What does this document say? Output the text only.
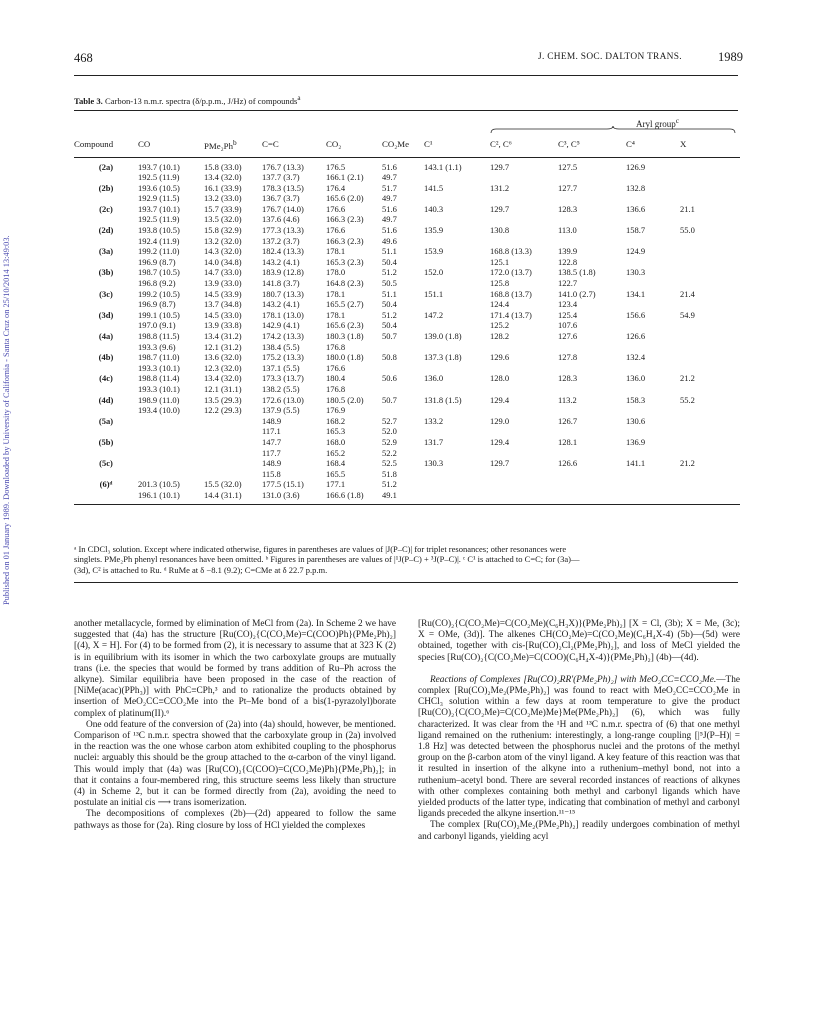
Published on 01 January 1989. Downloaded by University of California - Santa Cruz on 25/10/2014 13:49:03.
468	J. CHEM. SOC. DALTON TRANS.	1989
Table 3. Carbon-13 n.m.r. spectra (δ/p.p.m., J/Hz) of compounds$^a$
Aryl group$^c$
Compound	CO	PMe₂Ph$^b$	C=C	CO₂	CO₂Me	C¹	C², C⁶	C³, C⁵	C⁴	X
(2a)	193.7 (10.1)	15.8 (33.0)	176.7 (13.3)	176.5	51.6	143.1 (1.1)	129.7	127.5	126.9	
	192.5 (11.9)	13.4 (32.0)	137.7 (3.7)	166.1 (2.1)	49.7					
(2b)	193.6 (10.5)	16.1 (33.9)	178.3 (13.5)	176.4	51.7	141.5	131.2	127.7	132.8	
	192.9 (11.5)	13.2 (33.0)	136.7 (3.7)	165.6 (2.0)	49.7					
(2c)	193.7 (10.1)	15.7 (33.9)	176.7 (14.0)	176.6	51.6	140.3	129.7	128.3	136.6	21.1
	192.5 (11.9)	13.5 (32.0)	137.6 (4.6)	166.3 (2.3)	49.7					
(2d)	193.8 (10.5)	15.8 (32.9)	177.3 (13.3)	176.6	51.6	135.9	130.8	113.0	158.7	55.0
	192.4 (11.9)	13.2 (32.0)	137.2 (3.7)	166.3 (2.3)	49.6					
(3a)	199.2 (11.0)	14.3 (32.0)	182.4 (13.3)	178.1	51.1	153.9	168.8 (13.3)	139.9	124.9	
	196.9 (8.7)	14.0 (34.8)	143.2 (4.1)	165.3 (2.3)	50.4		125.1	122.8		
(3b)	198.7 (10.5)	14.7 (33.0)	183.9 (12.8)	178.0	51.2	152.0	172.0 (13.7)	138.5 (1.8)	130.3	
	196.8 (9.2)	13.9 (33.0)	141.8 (3.7)	164.8 (2.3)	50.5		125.8	122.7		
(3c)	199.2 (10.5)	14.5 (33.9)	180.7 (13.3)	178.1	51.1	151.1	168.8 (13.7)	141.0 (2.7)	134.1	21.4
	196.9 (8.7)	13.7 (34.8)	143.2 (4.1)	165.5 (2.7)	50.4		124.4	123.4		
(3d)	199.1 (10.5)	14.5 (33.0)	178.1 (13.0)	178.1	51.2	147.2	171.4 (13.7)	125.4	156.6	54.9
	197.0 (9.1)	13.9 (33.8)	142.9 (4.1)	165.6 (2.3)	50.4		125.2	107.6		
(4a)	198.8 (11.5)	13.4 (31.2)	174.2 (13.3)	180.3 (1.8)	50.7	139.0 (1.8)	128.2	127.6	126.6	
	193.3 (9.6)	12.1 (31.2)	138.4 (5.5)	176.8						
(4b)	198.7 (11.0)	13.6 (32.0)	175.2 (13.3)	180.0 (1.8)	50.8	137.3 (1.8)	129.6	127.8	132.4	
	193.3 (10.1)	12.3 (32.0)	137.1 (5.5)	176.6						
(4c)	198.8 (11.4)	13.4 (32.0)	173.3 (13.7)	180.4	50.6	136.0	128.0	128.3	136.0	21.2
	193.3 (10.1)	12.1 (31.1)	138.2 (5.5)	176.8						
(4d)	198.9 (11.0)	13.5 (29.3)	172.6 (13.0)	180.5 (2.0)	50.7	131.8 (1.5)	129.4	113.2	158.3	55.2
	193.4 (10.0)	12.2 (29.3)	137.9 (5.5)	176.9						
(5a)			148.9	168.2	52.7	133.2	129.0	126.7	130.6	
			117.1	165.3	52.0					
(5b)			147.7	168.0	52.9	131.7	129.4	128.1	136.9	
			117.7	165.2	52.2					
(5c)			148.9	168.4	52.5	130.3	129.7	126.6	141.1	21.2
			115.8	165.5	51.8					
(6)ᵈ	201.3 (10.5)	15.5 (32.0)	177.5 (15.1)	177.1	51.2					
	196.1 (10.1)	14.4 (31.1)	131.0 (3.6)	166.6 (1.8)	49.1					
ᵃ In CDCl₃ solution. Except where indicated otherwise, figures in parentheses are values of |J(P–C)| for triplet resonances; other resonances were
singlets. PMe₂Ph phenyl resonances have been omitted. ᵇ Figures in parentheses are values of |¹J(P–C) + ³J(P–C)|. ᶜ C¹ is attached to C=C; for (3a)—
(3d), C² is attached to Ru. ᵈ RuMe at δ −8.1 (9.2); C=CMe at δ 22.7 p.p.m.

another metallacycle, formed by elimination of MeCl from (2a). In Scheme 2 we have suggested that (4a) has the structure [Ru(CO)₂{C(CO₂Me)=C(COO)Ph}(PMe₂Ph)₂] [(4), X = H]. For (4) to be formed from (2), it is necessary to assume that at 323 K (2) is in equilibrium with its isomer in which the two carboxylate groups are mutually trans (i.e. the species that would be formed by trans addition of Ru–Ph across the alkyne). Similar equilibria have been proposed in the case of the reaction of [NiMe(acac)(PPh₃)] with PhC≡CPh,³ and to rationalize the products obtained by insertion of MeO₂CC≡CCO₂Me into the Pt–Me bond of a bis(1-pyrazolyl)borate complex of platinum(II).⁶

One odd feature of the conversion of (2a) into (4a) should, however, be mentioned. Comparison of ¹³C n.m.r. spectra showed that the carboxylate group in (2a) involved in the reaction was the one whose carbon atom exhibited coupling to the phosphorus nuclei: arguably this should be the group attached to the α-carbon of the vinyl ligand. This would imply that (4a) was [Ru(CO)₂{C(COO)=C(CO₂Me)Ph}(PMe₂Ph)₂]; in that it contains a four-membered ring, this structure seems less likely than structure (4) in Scheme 2, but it can be formed directly from (2a), avoiding the need to postulate an initial cis ⟶ trans isomerization.

The decompositions of complexes (2b)—(2d) appeared to follow the same pathways as those for (2a). Ring closure by loss of HCl yielded the complexes

[Ru(CO)₂{C(CO₂Me)=C(CO₂Me)(C₆H₃X)}(PMe₂Ph)₂] [X = Cl, (3b); X = Me, (3c); X = OMe, (3d)]. The alkenes CH(CO₂Me)=C(CO₂Me)(C₆H₄X-4) (5b)—(5d) were obtained, together with cis-[Ru(CO)₂Cl₂(PMe₂Ph)₂], and loss of MeCl yielded the species [Ru(CO)₂{C(CO₂Me)=C(COO)(C₆H₄X-4)}(PMe₂Ph)₂] (4b)—(4d).

Reactions of Complexes [Ru(CO)₂RR′(PMe₂Ph)₂] with MeO₂CC≡CCO₂Me.—The complex [Ru(CO)₂Me₂(PMe₂Ph)₂] was found to react with MeO₂CC≡CCO₂Me in CHCl₃ solution within a few days at room temperature to give the product [Ru(CO)₂{C(CO₂Me)=C(CO₂Me)Me}Me(PMe₂Ph)₂] (6), which was fully characterized. It was clear from the ¹H and ¹³C n.m.r. spectra of (6) that one methyl ligand remained on the ruthenium: interestingly, a long-range coupling [|⁵J(P–H)| = 1.8 Hz] was detected between the phosphorus nuclei and the protons of the methyl group on the β-carbon atom of the vinyl ligand. A key feature of this reaction was that it resulted in insertion of the alkyne into a ruthenium–methyl bond, not into a ruthenium–acetyl bond. There are several recorded instances of reactions of alkynes with other complexes containing both methyl and carbonyl ligands which have yielded products of the latter type, indicating that combination of methyl and carbonyl ligands preceded the alkyne insertion.¹¹⁻¹⁵

The complex [Ru(CO)₂Me₂(PMe₂Ph)₂] readily undergoes combination of methyl and carbonyl ligands, yielding acyl
